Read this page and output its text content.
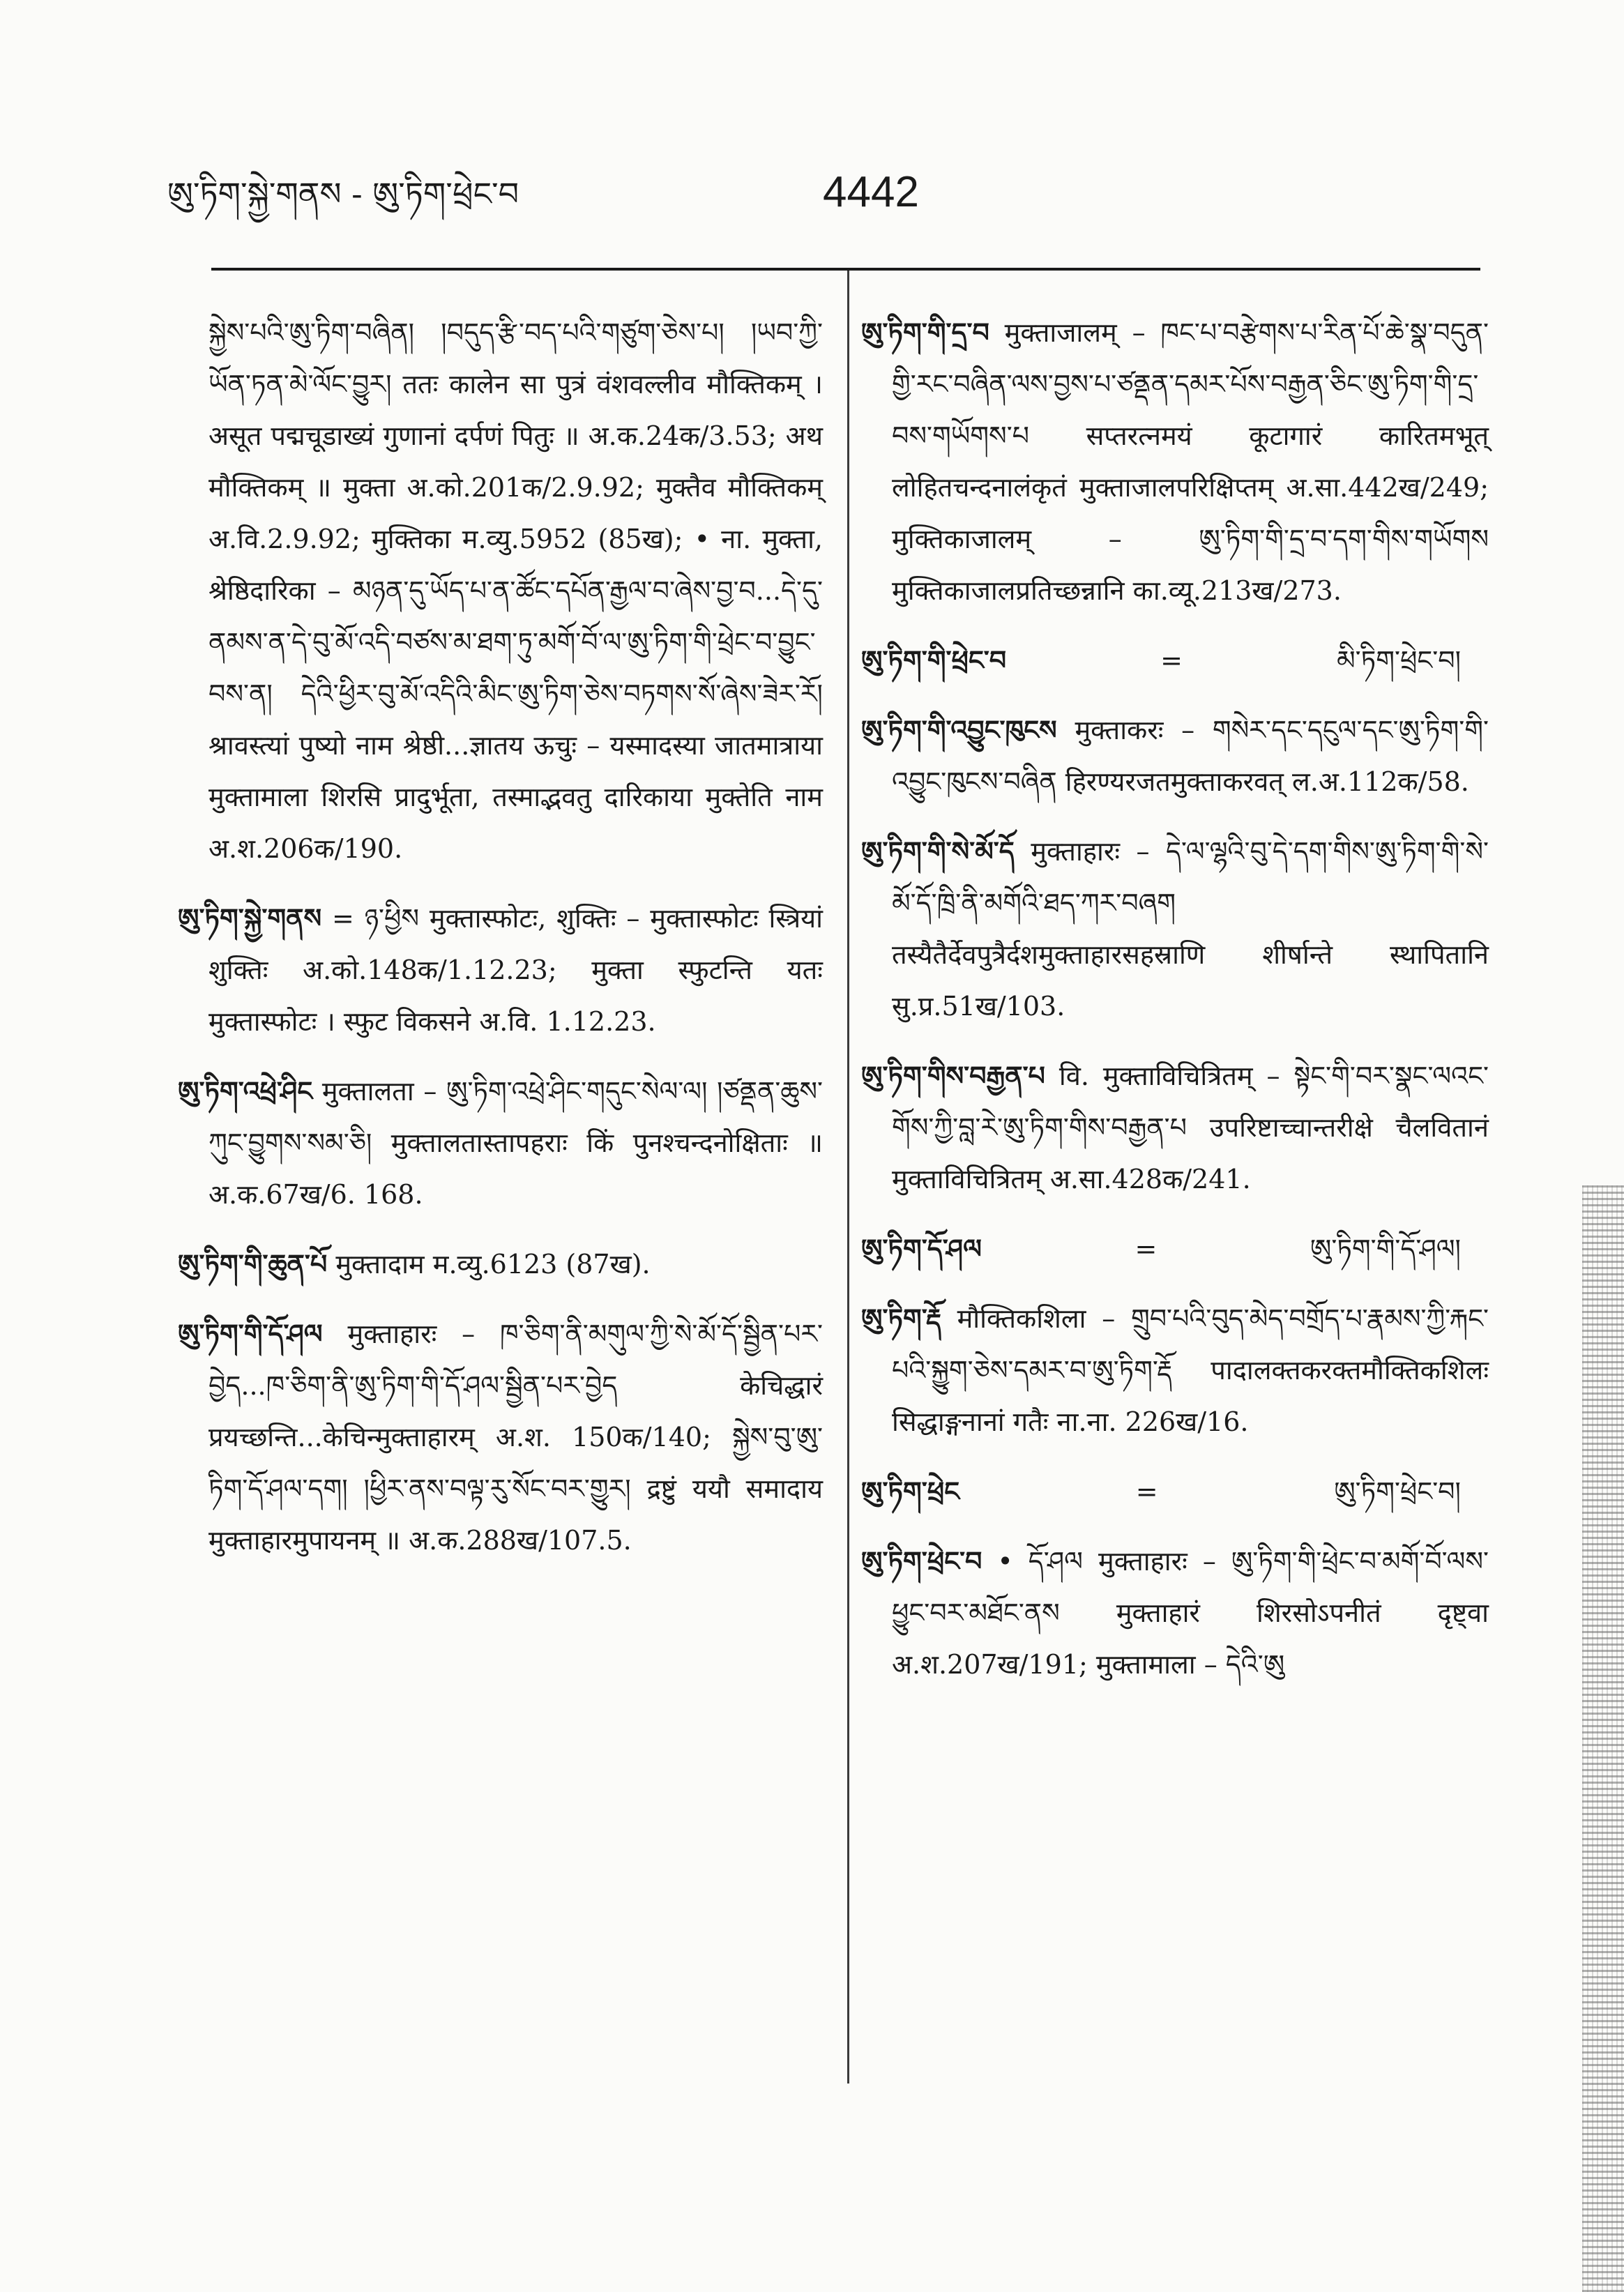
ཨུ་ཏིག་སྐྱེ་གནས - ཨུ་ཏིག་ཕྲེང་བ	4442

སྐྱེས་པའི་ཨུ་ཏིག་བཞིན། །བདུད་རྩི་བད་པའི་གཙུག་ཅེས་པ། །ཡབ་ཀྱི་ཡོན་ཏན་མེ་ལོང་བྱུར། ततः कालेन सा पुत्रं वंशवल्लीव मौक्तिकम् । असूत पद्मचूडाख्यं गुणानां दर्पणं पितुः ॥ अ.क.24क/3.53; अथ मौक्तिकम् ॥ मुक्ता अ.को.201क/2.9.92; मुक्तैव मौक्तिकम् अ.वि.2.9.92; मुक्तिका म.व्यु.5952 (85ख); • ना. मुक्ता, श्रेष्ठिदारिका – མཉན་དུ་ཡོད་པ་ན་ཚོང་དཔོན་རྒྱལ་བ་ཞེས་བྱ་བ...དེ་དུ་ནམས་ན་དེ་བུ་མོ་འདི་བཙས་མ་ཐག་ཏུ་མགོ་བོ་ལ་ཨུ་ཏིག་གི་ཕྲེང་བ་བྱུང་བས་ན། དེའི་ཕྱིར་བུ་མོ་འདིའི་མིང་ཨུ་ཏིག་ཅེས་བཏགས་སོ་ཞེས་ཟེར་རོ། श्रावस्त्यां पुष्यो नाम श्रेष्ठी...ज्ञातय ऊचुः – यस्मादस्या जातमात्राया मुक्तामाला शिरसि प्रादुर्भूता, तस्माद्भवतु दारिकाया मुक्तेति नाम अ.श.206क/190.

ཨུ་ཏིག་སྐྱེ་གནས = ཉ་ཕྱིས मुक्तास्फोटः, शुक्तिः – मुक्तास्फोटः स्त्रियां शुक्तिः अ.को.148क/1.12.23; मुक्ता स्फुटन्ति यतः मुक्तास्फोटः । स्फुट विकसने अ.वि. 1.12.23.

ཨུ་ཏིག་འཕྲེ་ཤིང मुक्तालता – ཨུ་ཏིག་འཕྲེ་ཤིང་གདུང་སེལ་ལ། །ཙནྡན་ཆུས་ཀུང་བྱུགས་སམ་ཅི། मुक्तालतास्तापहराः किं पुनश्चन्दनोक्षिताः ॥ अ.क.67ख/6. 168.

ཨུ་ཏིག་གི་ཆུན་པོ मुक्तादाम म.व्यु.6123 (87ख).

ཨུ་ཏིག་གི་དོ་ཤལ मुक्ताहारः – ཁ་ཅིག་ནི་མགུལ་ཀྱི་སེ་མོ་དོ་སྦྱིན་པར་བྱེད...ཁ་ཅིག་ནི་ཨུ་ཏིག་གི་དོ་ཤལ་སྦྱིན་པར་བྱེད केचिद्धारं प्रयच्छन्ति...केचिन्मुक्ताहारम् अ.श. 150क/140; སྐྱེས་བུ་ཨུ་ཏིག་དོ་ཤལ་དག། །ཕྱིར་ནས་བལྟ་རུ་སོང་བར་གྱུར། द्रष्टुं ययौ समादाय मुक्ताहारमुपायनम् ॥ अ.क.288ख/107.5.

ཨུ་ཏིག་གི་དྲ་བ मुक्ताजालम् – ཁང་པ་བརྩེགས་པ་རིན་པོ་ཆེ་སྣ་བདུན་གྱི་རང་བཞིན་ལས་བྱས་པ་ཙནྡན་དམར་པོས་བརྒྱན་ཅིང་ཨུ་ཏིག་གི་དྲ་བས་གཡོགས་པ सप्तरत्नमयं कूटागारं कारितमभूत् लोहितचन्दनालंकृतं मुक्ताजालपरिक्षिप्तम् अ.सा.442ख/249; मुक्तिकाजालम् – ཨུ་ཏིག་གི་དྲ་བ་དག་གིས་གཡོགས मुक्तिकाजालप्रतिच्छन्नानि का.व्यू.213ख/273.

ཨུ་ཏིག་གི་ཕྲེང་བ	=	མི་ཏིག་ཕྲེང་བ།

ཨུ་ཏིག་གི་འབྱུང་ཁུངས मुक्ताकरः – གསེར་དང་དངུལ་དང་ཨུ་ཏིག་གི་འབྱུང་ཁུངས་བཞིན हिरण्यरजतमुक्ताकरवत् ल.अ.112क/58.

ཨུ་ཏིག་གི་སེ་མོ་དོ मुक्ताहारः – དེ་ལ་ལྷའི་བུ་དེ་དག་གིས་ཨུ་ཏིག་གི་སེ་མོ་དོ་ཁྲི་ནི་མགོའི་ཐད་ཀར་བཞག तस्यैतैर्देवपुत्रैर्दशमुक्ताहारसहस्राणि शीर्षान्ते स्थापितानि सु.प्र.51ख/103.

ཨུ་ཏིག་གིས་བརྒྱན་པ वि. मुक्ताविचित्रितम् – སྟེང་གི་བར་སྣང་ལའང་གོས་ཀྱི་བླ་རེ་ཨུ་ཏིག་གིས་བརྒྱན་པ उपरिष्टाच्चान्तरीक्षे चैलवितानं मुक्ताविचित्रितम् अ.सा.428क/241.

ཨུ་ཏིག་དོ་ཤལ	=	ཨུ་ཏིག་གི་དོ་ཤལ།

ཨུ་ཏིག་རྡོ मौक्तिकशिला – གྲུབ་པའི་བུད་མེད་བགྲོད་པ་རྣམས་ཀྱི་རྐང་པའི་སྐྱུག་ཅེས་དམར་བ་ཨུ་ཏིག་རྡོ पादालक्तकरक्तमौक्तिकशिलः सिद्धाङ्गनानां गतैः ना.ना. 226ख/16.

ཨུ་ཏིག་ཕྲེང	=	ཨུ་ཏིག་ཕྲེང་བ།

ཨུ་ཏིག་ཕྲེང་བ • དོ་ཤལ मुक्ताहारः – ཨུ་ཏིག་གི་ཕྲེང་བ་མགོ་བོ་ལས་ཕྱུང་བར་མཐོང་ནས मुक्ताहारं शिरसोऽपनीतं दृष्ट्वा अ.श.207ख/191; मुक्तामाला – དེའི་ཨུ
